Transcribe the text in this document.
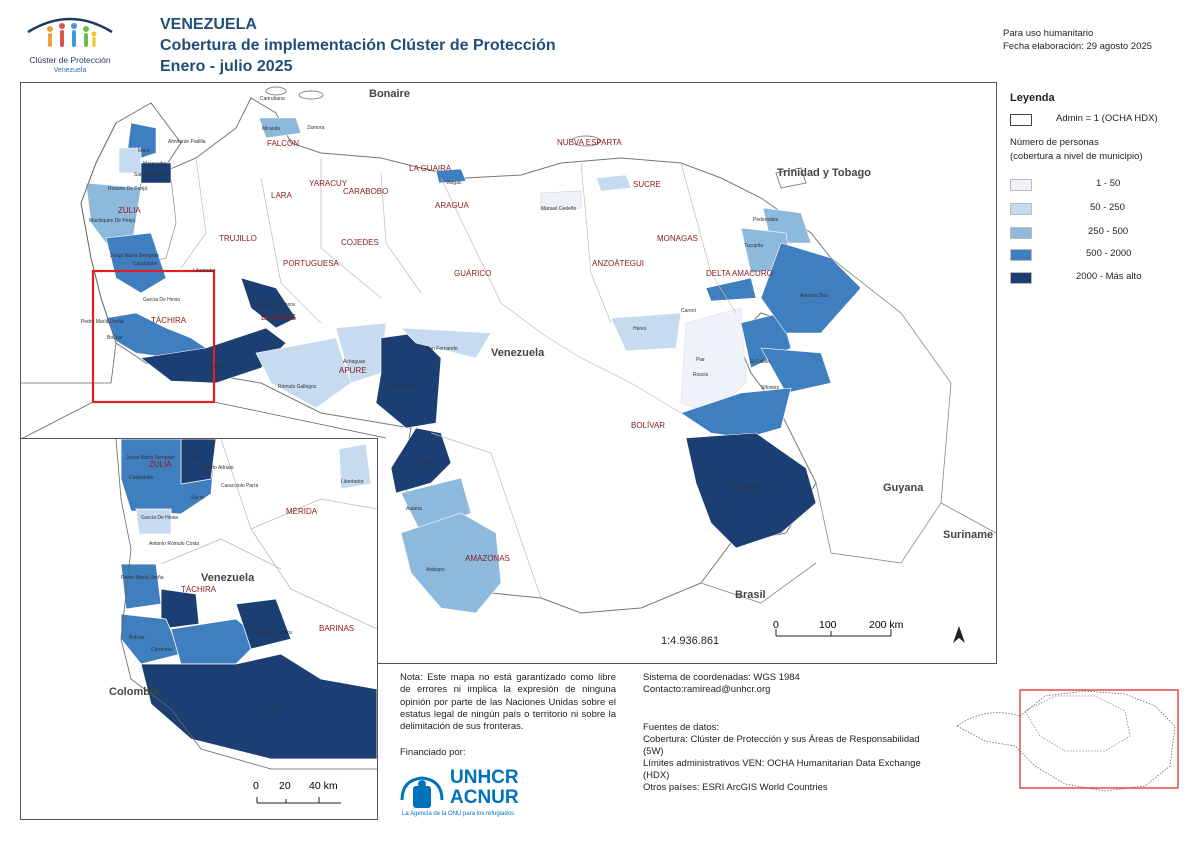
Clúster de Protección
Venezuela
VENEZUELA
Cobertura de implementación Clúster de Protección
Enero - julio 2025
Para uso humanitario
Fecha elaboración: 29 agosto 2025
Bonaire
Trinidad y Tobago
Venezuela
Guyana
Suriname
Brasil
FALCÓN
ZULIA
LARA
YARACUY
CARABOBO
LA GUAIRA
ARAGUA
NUEVA ESPARTA
SUCRE
TRUJILLO
PORTUGUESA
COJEDES
GUÁRICO
ANZOÁTEGUI
MONAGAS
DELTA AMACURO
TÁCHIRA	BARINAS
APURE
BOLÍVAR
AMAZONAS
Carirubana
Miranda	Zamora
Almirante Padilla
Mara
Maracaibo
San Francisco
Rosario De Perijá
Machiques De Perijá
Jesús María Semprún
Catatumbo
Libertador
García De Hevia
Pedro María Ureña
Bolívar
Ezequiel Zamora
Páez
Achaguas
Rómulo Gallegos	Pedro Camejo
San Fernando
Atures
Autana
Atabapo
Gran Sabana
Sifontes
Piar
Roscio
El Callao
Caroní
Heres
Tucupita
Antonio Díaz
Pedernales
Manuel Cedeño
Vargas
1:4.936.861
0	100	200 km
ZULIA
MÉRIDA
TÁCHIRA
BARINAS
Venezuela
Colombia
Jesús María Semprún	Colón
Alberto Adriani
Catatumbo
Caracciolo Parra
Sucre
García De Hevia
Antonio Rómulo Costa
Libertador
Pedro María Ureña
Bolívar
Cárdenas
Ezequiel Zamora
Páez
0 20 40 km
Leyenda
Admin = 1 (OCHA HDX)
Número de personas
(cobertura a nivel de municipio)
1 - 50
50 - 250
250 - 500
500 - 2000
2000 - Más alto
Nota: Este mapa no está garantizado como libre de errores ni implica la expresión de ninguna opinión por parte de las Naciones Unidas sobre el estatus legal de ningún país o territorio ni sobre la delimitación de sus fronteras.
Financiado por:
UNHCR
ACNUR
La Agencia de la ONU para los refugiados
Sistema de coordenadas: WGS 1984
Contacto:ramiread@unhcr.org
Fuentes de datos:
Cobertura: Clúster de Protección y sus Áreas de Responsabilidad
(5W)
Límites administrativos VEN: OCHA Humanitarian Data Exchange
(HDX)
Otros países: ESRI ArcGIS World Countries
